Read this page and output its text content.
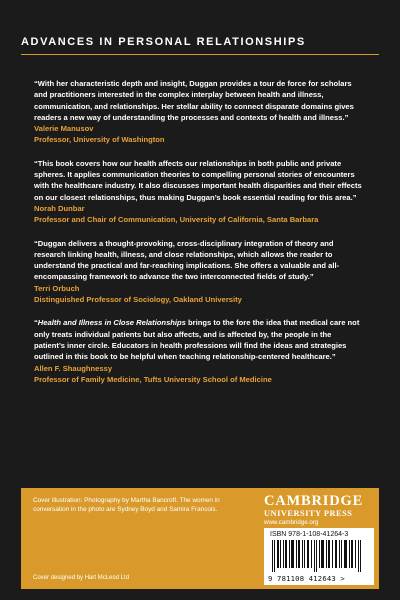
ADVANCES IN PERSONAL RELATIONSHIPS

“With her characteristic depth and insight, Duggan provides a tour de force for scholars and practitioners interested in the complex interplay between health and illness, communication, and relationships. Her stellar ability to connect disparate domains gives readers a new way of understanding the processes and contexts of health and illness.”

Valerie Manusov

Professor, University of Washington

“This book covers how our health affects our relationships in both public and private spheres. It applies communication theories to compelling personal stories of encounters with the healthcare industry. It also discusses important health disparities and their effects on our closest relationships, thus making Duggan’s book essential reading for this area.”

Norah Dunbar

Professor and Chair of Communication, University of California, Santa Barbara

“Duggan delivers a thought-provoking, cross-disciplinary integration of theory and research linking health, illness, and close relationships, which allows the reader to understand the practical and far-reaching implications. She offers a valuable and all-encompassing framework to advance the two interconnected fields of study.”

Terri Orbuch

Distinguished Professor of Sociology, Oakland University

“Health and Illness in Close Relationships brings to the fore the idea that medical care not only treats individual patients but also affects, and is affected by, the people in the patient’s inner circle. Educators in health professions will find the ideas and strategies outlined in this book to be helpful when teaching relationship-centered healthcare.”

Allen F. Shaughnessy

Professor of Family Medicine, Tufts University School of Medicine

Cover illustration: Photography by Martha Bancroft. The women in conversation in the photo are Sydney Boyd and Samira Francois.
Cover designed by Hart McLeod Ltd
CAMBRIDGE
UNIVERSITY PRESS
www.cambridge.org
ISBN 978-1-108-41264-3
9 781108 412643 >
